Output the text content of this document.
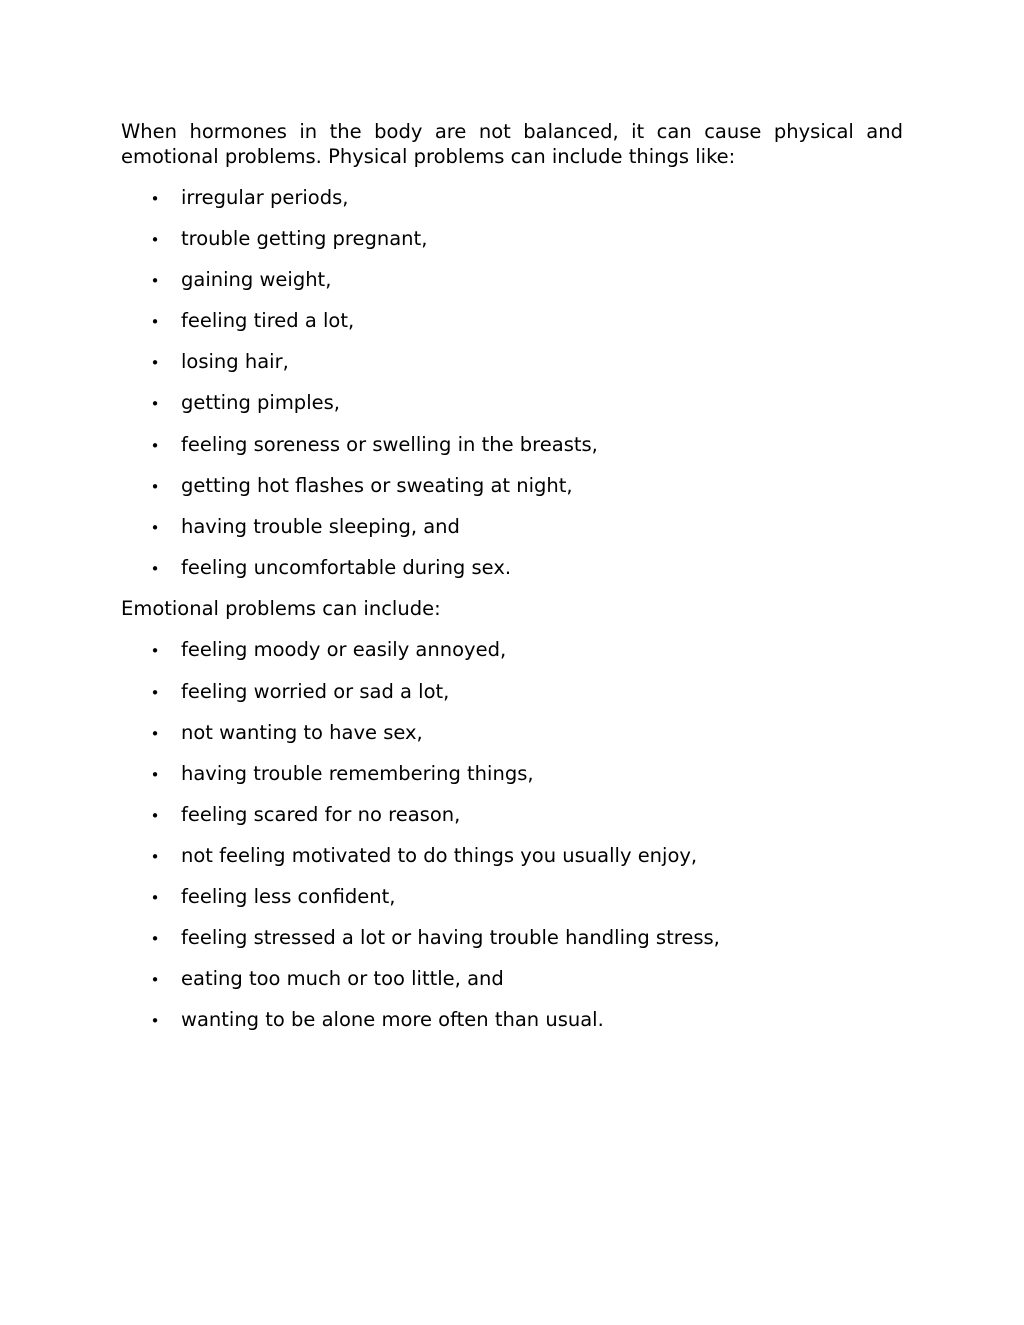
When hormones in the body are not balanced, it can cause physical and emotional problems. Physical problems can include things like:

• irregular periods,
• trouble getting pregnant,
• gaining weight,
• feeling tired a lot,
• losing hair,
• getting pimples,
• feeling soreness or swelling in the breasts,
• getting hot flashes or sweating at night,
• having trouble sleeping, and
• feeling uncomfortable during sex.

Emotional problems can include:

• feeling moody or easily annoyed,
• feeling worried or sad a lot,
• not wanting to have sex,
• having trouble remembering things,
• feeling scared for no reason,
• not feeling motivated to do things you usually enjoy,
• feeling less confident,
• feeling stressed a lot or having trouble handling stress,
• eating too much or too little, and
• wanting to be alone more often than usual.
